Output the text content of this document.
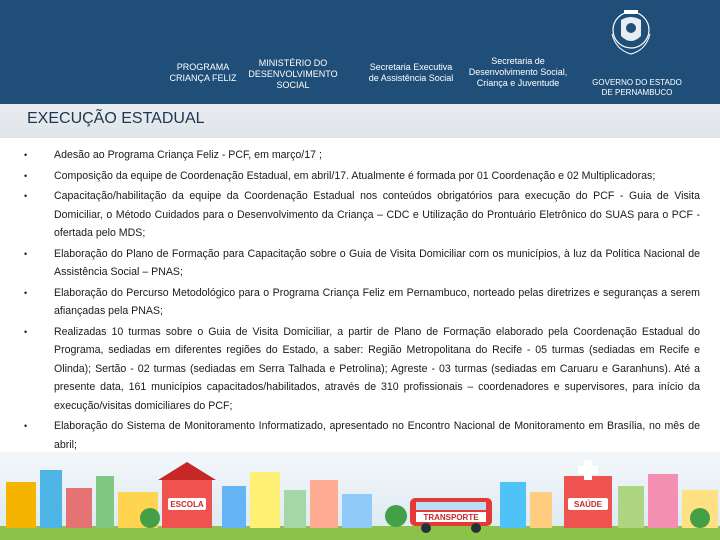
PROGRAMA
CRIANÇA FELIZ
MINISTÉRIO DO
DESENVOLVIMENTO
SOCIAL
Secretaria Executiva
de Assistência Social
Secretaria de
Desenvolvimento Social,
Criança e Juventude	GOVERNO DO ESTADO
DE PERNAMBUCO
EXECUÇÃO ESTADUAL
•	Adesão ao Programa Criança Feliz - PCF, em março/17 ;
•	Composição da equipe de Coordenação Estadual, em abril/17. Atualmente é formada por 01 Coordenação e 02 Multiplicadoras;
•	Capacitação/habilitação da equipe da Coordenação Estadual nos conteúdos obrigatórios para execução do PCF - Guia de Visita Domiciliar, o Método Cuidados para o Desenvolvimento da Criança – CDC e Utilização do Prontuário Eletrônico do SUAS para o PCF - ofertada pelo MDS;
•	Elaboração do Plano de Formação para Capacitação sobre o Guia de Visita Domiciliar com os municípios, à luz da Política Nacional de Assistência Social – PNAS;
•	Elaboração do Percurso Metodológico para o Programa Criança Feliz em Pernambuco, norteado pelas diretrizes e seguranças a serem afiançadas pela PNAS;
•	Realizadas 10 turmas sobre o Guia de Visita Domiciliar, a partir de Plano de Formação elaborado pela Coordenação Estadual do Programa, sediadas em diferentes regiões do Estado, a saber: Região Metropolitana do Recife - 05 turmas (sediadas em Recife e Olinda); Sertão - 02 turmas (sediadas em Serra Talhada e Petrolina); Agreste - 03 turmas (sediadas em Caruaru e Garanhuns). Até a presente data, 161 municípios capacitados/habilitados, através de 310 profissionais – coordenadores e supervisores, para início da execução/visitas domiciliares do PCF;
•	Elaboração do Sistema de Monitoramento Informatizado, apresentado no Encontro Nacional de Monitoramento em Brasília, no mês de abril;
ESCOLA
TRANSPORTE
SAÚDE
